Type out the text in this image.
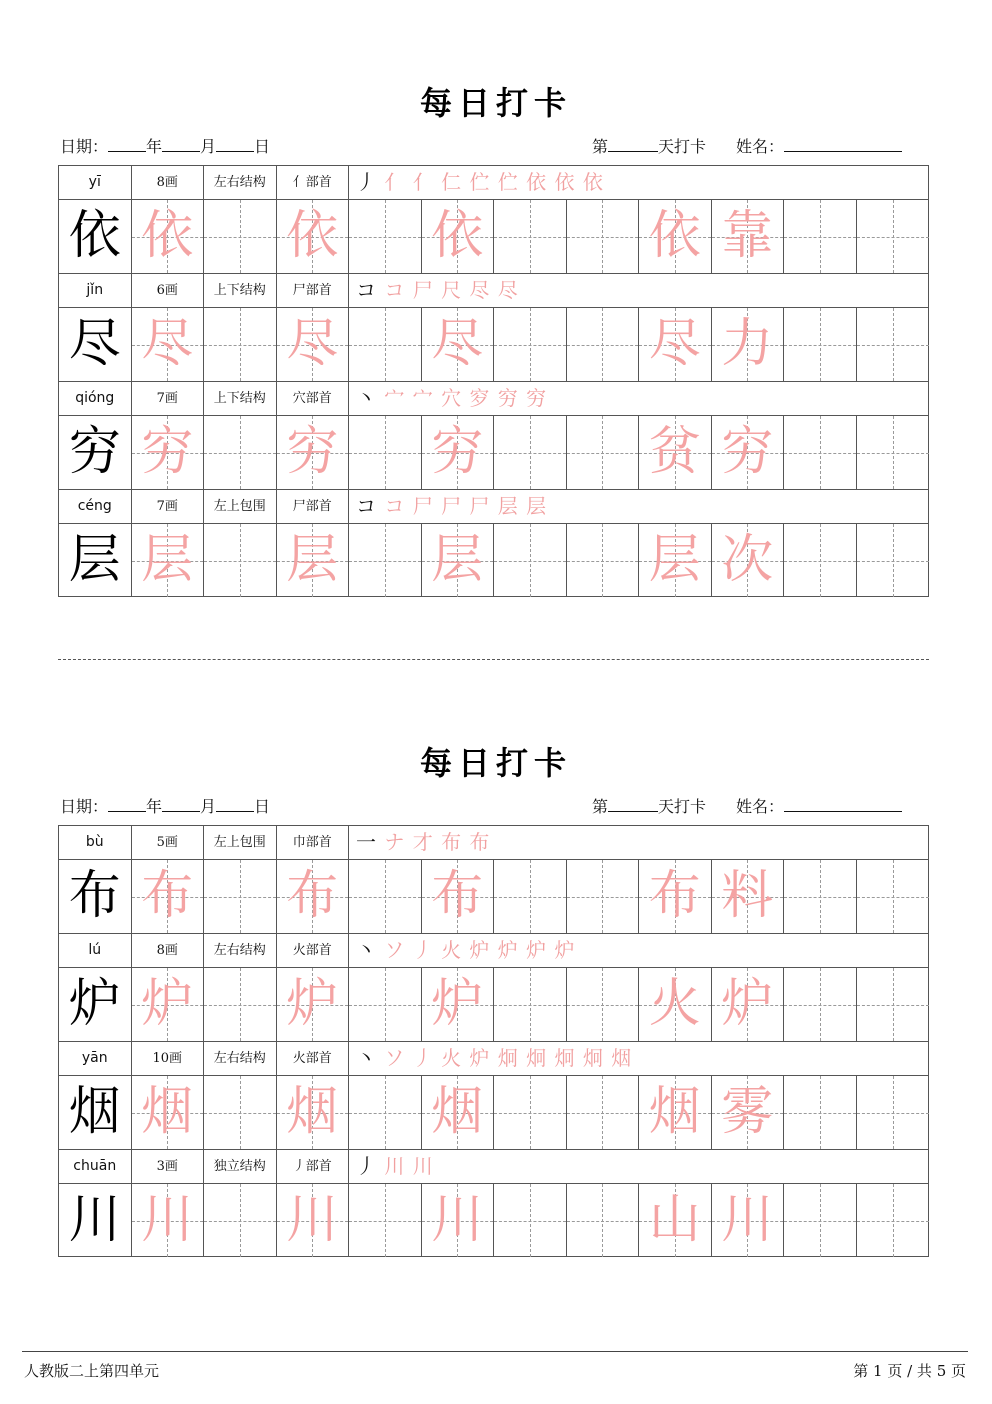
每日打卡
日期： 年 月 日	第	天打卡 姓名：
yī	8画	左右结构	亻部首	丿 亻 亻 仁 伫 伫 依 依 依
依 依 依 依	依 靠
jǐn	6画	上下结构	尸部首	コ コ 尸 尺 尽 尽
尽 尽 尽 尽	尽 力
qióng	7画	上下结构	穴部首	丶 宀 宀 穴 穸 穷 穷
穷 穷 穷 穷	贫 穷
céng	7画	左上包围	尸部首	コ コ 尸 尸 尸 层 层
层 层 层 层	层 次
每日打卡
日期： 年 月 日	第	天打卡 姓名：
bù	5画	左上包围	巾部首	一 ナ 才 布 布
布 布 布 布	布 料
lú	8画	左右结构	火部首	丶 ソ 丿 火 炉 炉 炉 炉
炉 炉 炉 炉	火 炉
yān	10画	左右结构	火部首	丶 ソ 丿 火 炉 炯 炯 炯 炯 烟
烟 烟 烟 烟	烟 雾
chuān	3画	独立结构	丿部首	丿 川 川
川 川 川 川	山 川
人教版二上第四单元	第 1 页 / 共 5 页
